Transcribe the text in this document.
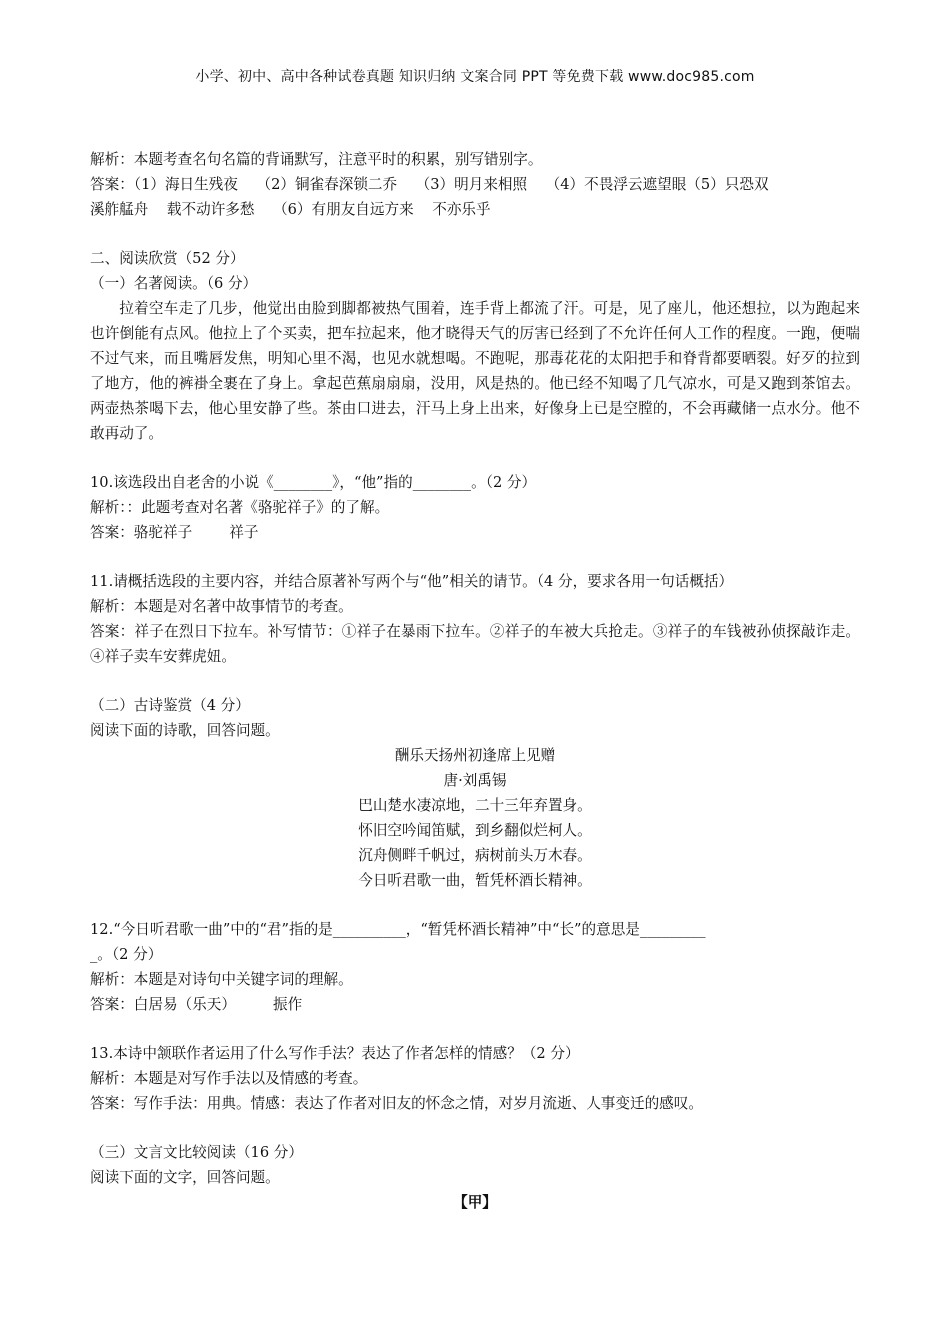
小学、初中、高中各种试卷真题 知识归纳 文案合同 PPT 等免费下载 www.doc985.com

解析：本题考查名句名篇的背诵默写，注意平时的积累，别写错别字。

答案：（1）海日生残夜    （2）铜雀春深锁二乔    （3）明月来相照    （4）不畏浮云遮望眼（5）只恐双

溪舴艋舟    载不动许多愁    （6）有朋友自远方来    不亦乐乎

二、阅读欣赏（52 分）

（一）名著阅读。（6 分）

拉着空车走了几步，他觉出由脸到脚都被热气围着，连手背上都流了汗。可是，见了座儿，他还想拉，以为跑起来也许倒能有点风。他拉上了个买卖，把车拉起来，他才晓得天气的厉害已经到了不允许任何人工作的程度。一跑，便喘不过气来，而且嘴唇发焦，明知心里不渴，也见水就想喝。不跑呢，那毒花花的太阳把手和脊背都要晒裂。好歹的拉到了地方，他的裤褂全裹在了身上。拿起芭蕉扇扇扇，没用，风是热的。他已经不知喝了几气凉水，可是又跑到茶馆去。两壶热茶喝下去，他心里安静了些。茶由口进去，汗马上身上出来，好像身上已是空膛的，不会再藏储一点水分。他不敢再动了。

10.该选段出自老舍的小说《________》，“他”指的________。（2 分）

解析：：此题考查对名著《骆驼祥子》的了解。

答案：骆驼祥子        祥子

11.请概括选段的主要内容，并结合原著补写两个与“他”相关的请节。（4 分，要求各用一句话概括）

解析：本题是对名著中故事情节的考查。

答案：祥子在烈日下拉车。补写情节：①祥子在暴雨下拉车。②祥子的车被大兵抢走。③祥子的车钱被孙侦探敲诈走。④祥子卖车安葬虎妞。

（二）古诗鉴赏（4 分）

阅读下面的诗歌，回答问题。

酬乐天扬州初逢席上见赠

唐·刘禹锡

巴山楚水凄凉地，二十三年弃置身。

怀旧空吟闻笛赋，到乡翻似烂柯人。

沉舟侧畔千帆过，病树前头万木春。

今日听君歌一曲，暂凭杯酒长精神。

12.“今日听君歌一曲”中的“君”指的是__________，“暂凭杯酒长精神”中“长”的意思是_________

_。（2 分）

解析：本题是对诗句中关键字词的理解。

答案：白居易（乐天）        振作

13.本诗中颔联作者运用了什么写作手法？表达了作者怎样的情感？（2 分）

解析：本题是对写作手法以及情感的考查。

答案：写作手法：用典。情感：表达了作者对旧友的怀念之情，对岁月流逝、人事变迁的感叹。

（三）文言文比较阅读（16 分）

阅读下面的文字，回答问题。

【甲】
